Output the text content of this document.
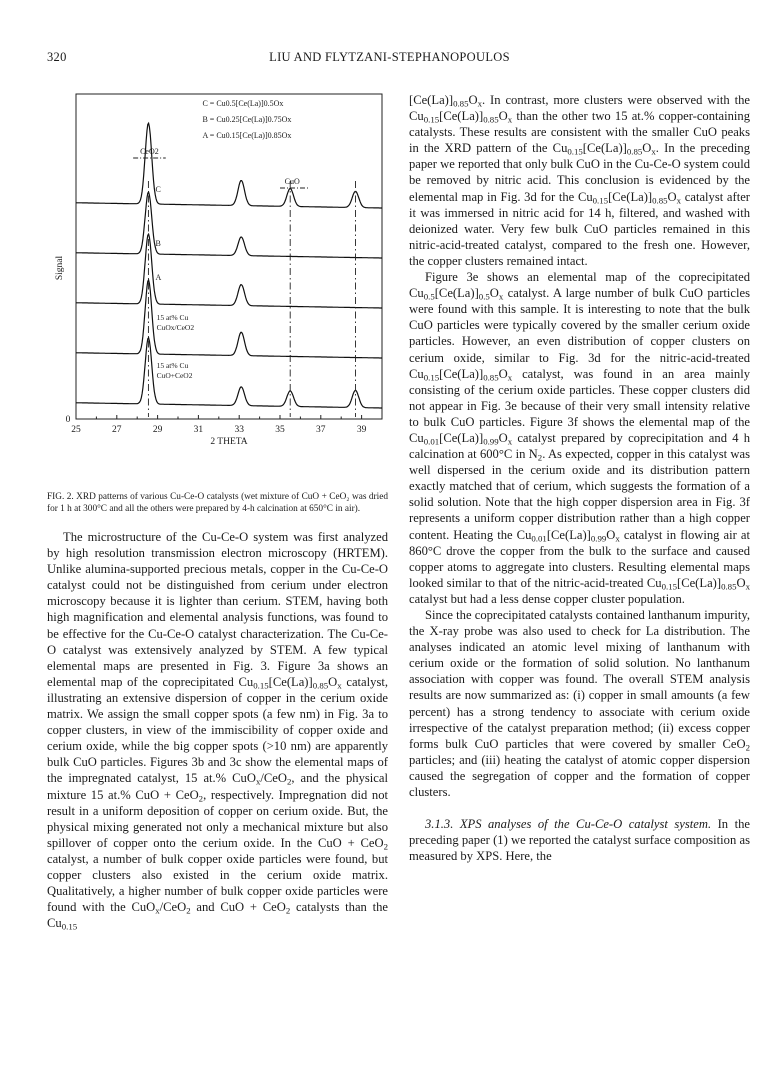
320	LIU AND FLYTZANI-STEPHANOPOULOS
25	27	29	31	33	35	37	39
2 THETA
0
Signal
CeO2
CuO
C = Cu0.5[Ce(La)]0.5Ox
B = Cu0.25[Ce(La)]0.75Ox
A = Cu0.15[Ce(La)]0.85Ox
C
B
A
15 at% Cu
CuOx/CeO2
15 at% Cu
CuO+CeO2
FIG. 2. XRD patterns of various Cu-Ce-O catalysts (wet mixture of CuO + CeO₂ was dried for 1 h at 300°C and all the others were prepared by 4-h calcination at 650°C in air).

The microstructure of the Cu-Ce-O system was first analyzed by high resolution transmission electron microscopy (HRTEM). Unlike alumina-supported precious metals, copper in the Cu-Ce-O catalyst could not be distinguished from cerium under electron microscopy because it is lighter than cerium. STEM, having both high magnification and elemental analysis functions, was found to be effective for the Cu-Ce-O catalyst characterization. The Cu-Ce-O catalyst was extensively analyzed by STEM. A few typical elemental maps are presented in Fig. 3. Figure 3a shows an elemental map of the coprecipitated $Cu_{0.15}[Ce(La)]_{0.85}O_x$ catalyst, illustrating an extensive dispersion of copper in the cerium oxide matrix. We assign the small copper spots (a few nm) in Fig. 3a to copper clusters, in view of the immiscibility of copper oxide and cerium oxide, while the big copper spots (>10 nm) are apparently bulk CuO particles. Figures 3b and 3c show the elemental maps of the impregnated catalyst, 15 at.% CuO$_x$/CeO$_2$, and the physical mixture 15 at.% CuO + CeO$_2$, respectively. Impregnation did not result in a uniform deposition of copper on cerium oxide. But, the physical mixing generated not only a mechanical mixture but also spillover of copper onto the cerium oxide. In the CuO + CeO$_2$ catalyst, a number of bulk copper oxide particles were found, but copper clusters also existed in the cerium oxide matrix. Qualitatively, a higher number of bulk copper oxide particles were found with the CuO$_x$/CeO$_2$ and CuO + CeO$_2$ catalysts than the $Cu_{0.15}$

$[Ce(La)]_{0.85}O_x$. In contrast, more clusters were observed with the $Cu_{0.15}[Ce(La)]_{0.85}O_x$ than the other two 15 at.% copper-containing catalysts. These results are consistent with the smaller CuO peaks in the XRD pattern of the $Cu_{0.15}[Ce(La)]_{0.85}O_x$. In the preceding paper we reported that only bulk CuO in the Cu-Ce-O system could be removed by nitric acid. This conclusion is evidenced by the elemental map in Fig. 3d for the $Cu_{0.15}[Ce(La)]_{0.85}O_x$ catalyst after it was immersed in nitric acid for 14 h, filtered, and washed with deionized water. Very few bulk CuO particles remained in this nitric-acid-treated catalyst, compared to the fresh one. However, the copper clusters remained intact.

Figure 3e shows an elemental map of the coprecipitated $Cu_{0.5}[Ce(La)]_{0.5}O_x$ catalyst. A large number of bulk CuO particles were found with this sample. It is interesting to note that the bulk CuO particles were typically covered by the smaller cerium oxide particles. However, an even distribution of copper clusters on cerium oxide, similar to Fig. 3d for the nitric-acid-treated $Cu_{0.15}[Ce(La)]_{0.85}O_x$ catalyst, was found in an area mainly consisting of the cerium oxide particles. These copper clusters did not appear in Fig. 3e because of their very small intensity relative to bulk CuO particles. Figure 3f shows the elemental map of the $Cu_{0.01}[Ce(La)]_{0.99}O_x$ catalyst prepared by coprecipitation and 4 h calcination at 600°C in $N_2$. As expected, copper in this catalyst was well dispersed in the cerium oxide and its distribution pattern exactly matched that of cerium, which suggests the formation of a solid solution. Note that the high copper dispersion area in Fig. 3f represents a uniform copper distribution rather than a high copper content. Heating the $Cu_{0.01}[Ce(La)]_{0.99}O_x$ catalyst in flowing air at 860°C drove the copper from the bulk to the surface and caused copper atoms to aggregate into clusters. Resulting elemental maps looked similar to that of the nitric-acid-treated $Cu_{0.15}[Ce(La)]_{0.85}O_x$ catalyst but had a less dense copper cluster population.

Since the coprecipitated catalysts contained lanthanum impurity, the X-ray probe was also used to check for La distribution. The analyses indicated an atomic level mixing of lanthanum with cerium oxide or the formation of solid solution. No lanthanum association with copper was found. The overall STEM analysis results are now summarized as: (i) copper in small amounts (a few percent) has a strong tendency to associate with cerium oxide irrespective of the catalyst preparation method; (ii) excess copper forms bulk CuO particles that were covered by smaller CeO$_2$ particles; and (iii) heating the catalyst of atomic copper dispersion caused the segregation of copper and the formation of copper clusters.

3.1.3. XPS analyses of the Cu-Ce-O catalyst system. In the preceding paper (1) we reported the catalyst surface composition as measured by XPS. Here, the
